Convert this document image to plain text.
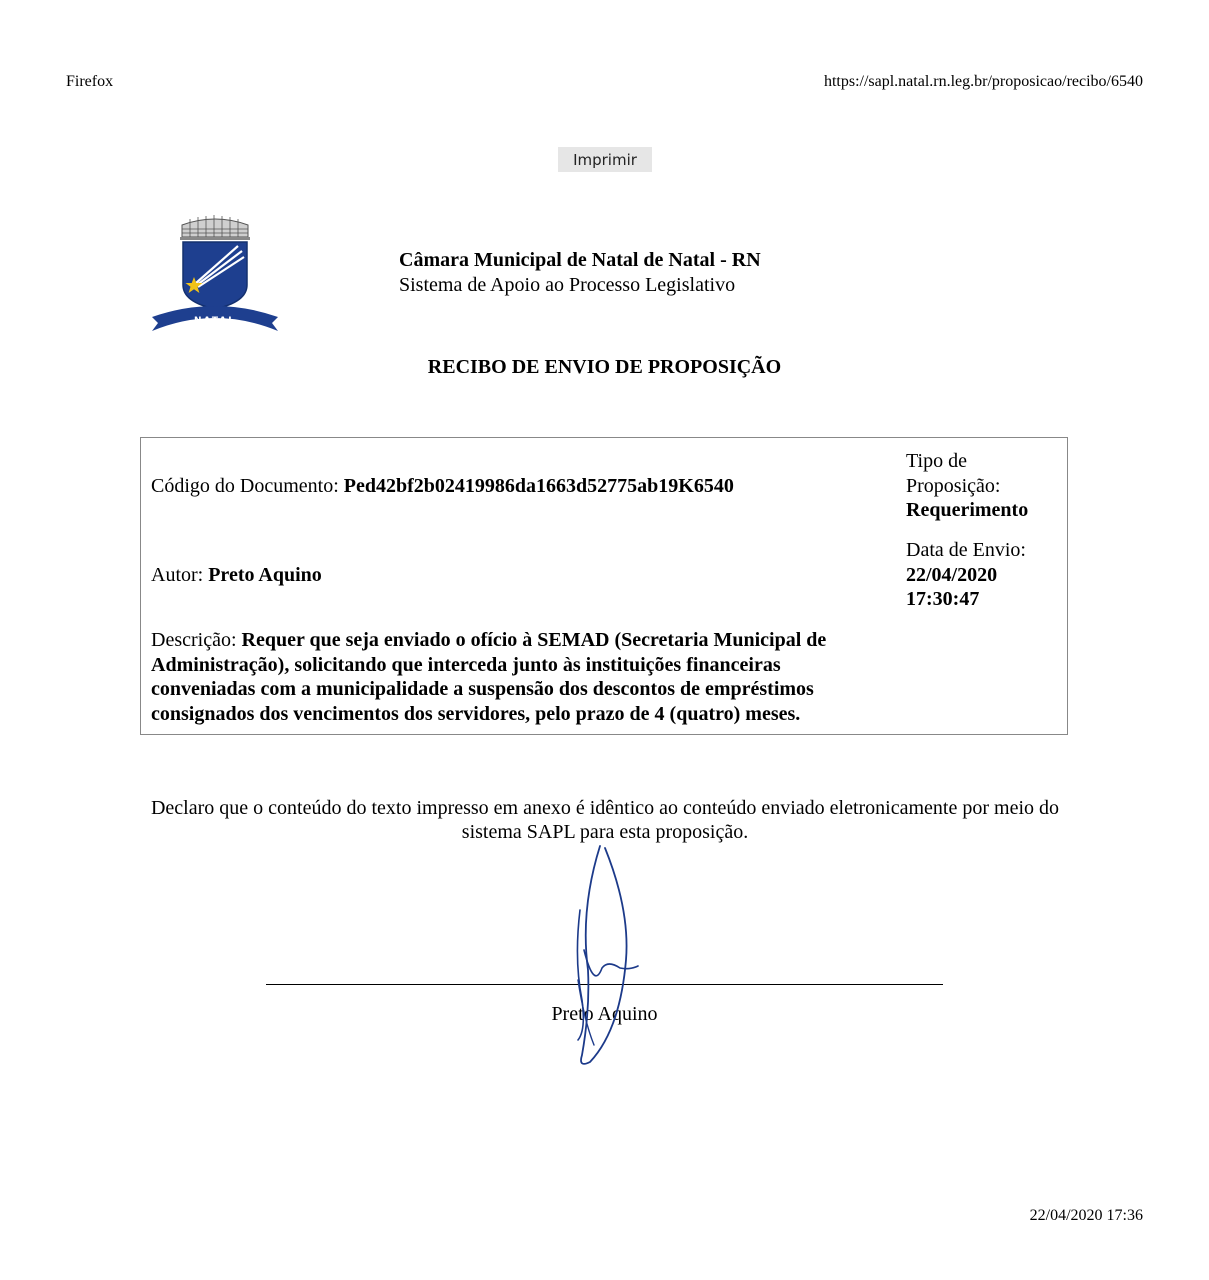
Firefox	https://sapl.natal.rn.leg.br/proposicao/recibo/6540
Imprimir
NATAL
Câmara Municipal de Natal de Natal - RN
Sistema de Apoio ao Processo Legislativo
RECIBO DE ENVIO DE PROPOSIÇÃO
Código do Documento: Ped42bf2b02419986da1663d52775ab19K6540
Tipo de
Proposição:
Requerimento
Autor: Preto Aquino
Data de Envio:
22/04/2020
17:30:47
Descrição: Requer que seja enviado o ofício à SEMAD (Secretaria Municipal de Administração), solicitando que interceda junto às instituições financeiras conveniadas com a municipalidade a suspensão dos descontos de empréstimos consignados dos vencimentos dos servidores, pelo prazo de 4 (quatro) meses.
Declaro que o conteúdo do texto impresso em anexo é idêntico ao conteúdo enviado eletronicamente por meio do sistema SAPL para esta proposição.
Preto Aquino
22/04/2020 17:36
